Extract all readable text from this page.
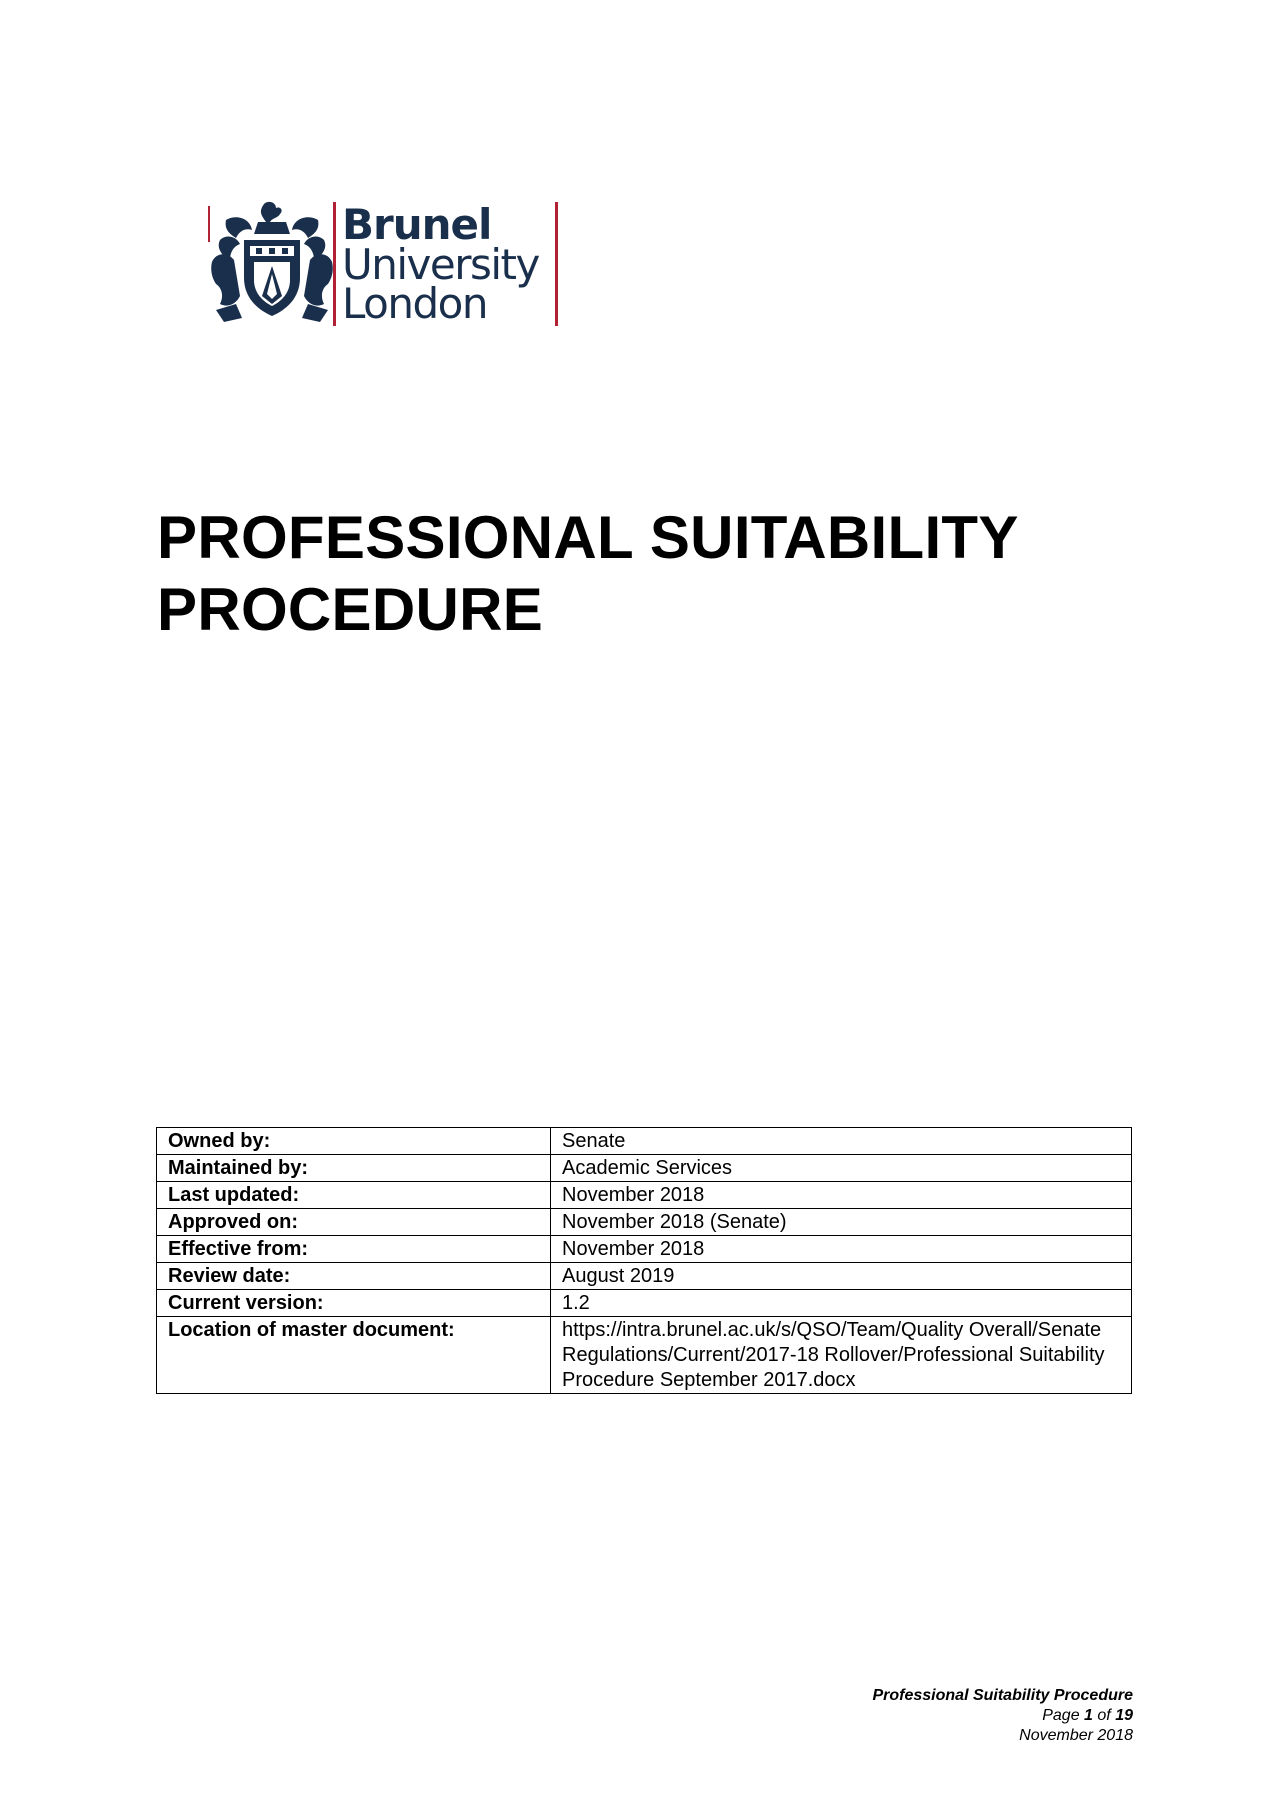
Brunel
University
London
PROFESSIONAL SUITABILITY
PROCEDURE
Owned by:	Senate
Maintained by:	Academic Services
Last updated:	November 2018
Approved on:	November 2018 (Senate)
Effective from:	November 2018
Review date:	August 2019
Current version:	1.2
Location of master document:	https://intra.brunel.ac.uk/s/QSO/Team/Quality Overall/Senate Regulations/Current/2017-18 Rollover/Professional Suitability Procedure September 2017.docx
Professional Suitability Procedure
Page 1 of 19
November 2018
